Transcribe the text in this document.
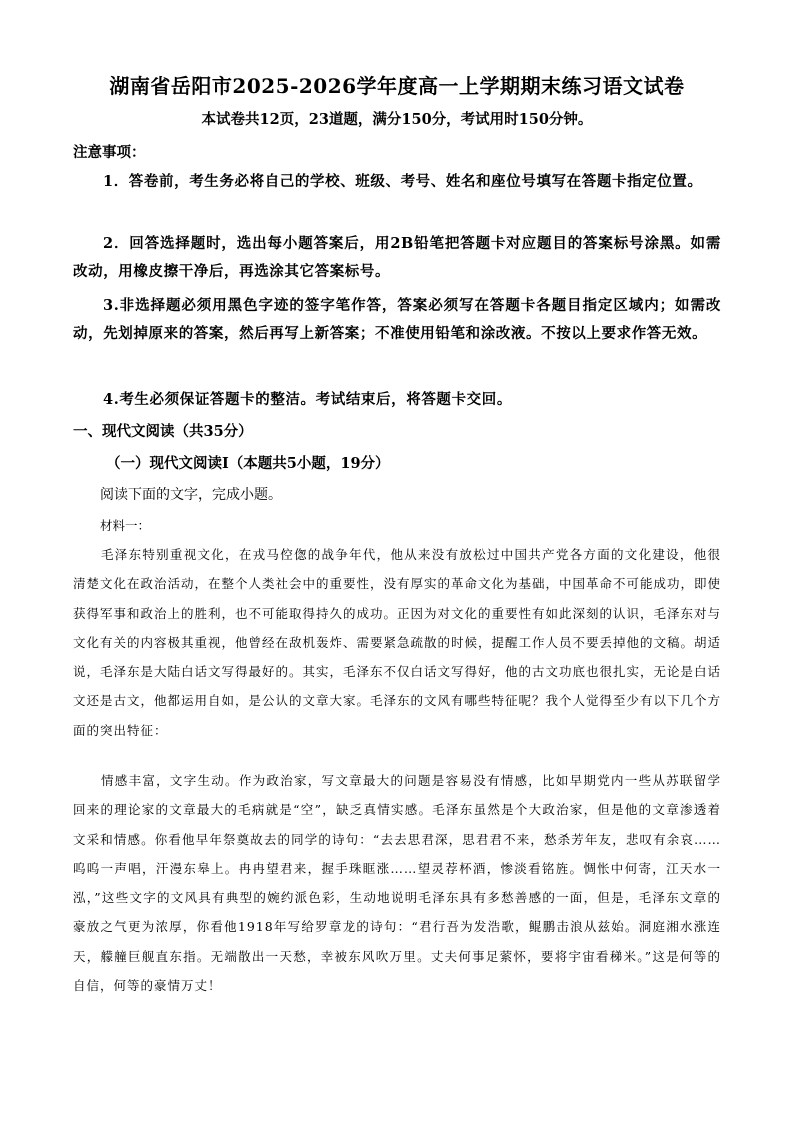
湖南省岳阳市2025-2026学年度高一上学期期末练习语文试卷
本试卷共12页，23道题，满分150分，考试用时150分钟。
注意事项：
1．答卷前，考生务必将自己的学校、班级、考号、姓名和座位号填写在答题卡指定位置。
2．回答选择题时，选出每小题答案后，用2B铅笔把答题卡对应题目的答案标号涂黑。如需改动，用橡皮擦干净后，再选涂其它答案标号。
3.非选择题必须用黑色字迹的签字笔作答，答案必须写在答题卡各题目指定区域内；如需改动，先划掉原来的答案，然后再写上新答案；不准使用铅笔和涂改液。不按以上要求作答无效。
4.考生必须保证答题卡的整洁。考试结束后，将答题卡交回。
一、现代文阅读（共35分）
（一）现代文阅读Ⅰ（本题共5小题，19分）
阅读下面的文字，完成小题。
材料一：
毛泽东特别重视文化，在戎马倥偬的战争年代，他从来没有放松过中国共产党各方面的文化建设，他很清楚文化在政治活动，在整个人类社会中的重要性，没有厚实的革命文化为基础，中国革命不可能成功，即使获得军事和政治上的胜利，也不可能取得持久的成功。正因为对文化的重要性有如此深刻的认识，毛泽东对与文化有关的内容极其重视，他曾经在敌机轰炸、需要紧急疏散的时候，提醒工作人员不要丢掉他的文稿。胡适说，毛泽东是大陆白话文写得最好的。其实，毛泽东不仅白话文写得好，他的古文功底也很扎实，无论是白话文还是古文，他都运用自如，是公认的文章大家。毛泽东的文风有哪些特征呢？我个人觉得至少有以下几个方面的突出特征：
情感丰富，文字生动。作为政治家，写文章最大的问题是容易没有情感，比如早期党内一些从苏联留学回来的理论家的文章最大的毛病就是“空”，缺乏真情实感。毛泽东虽然是个大政治家，但是他的文章渗透着文采和情感。你看他早年祭奠故去的同学的诗句：“去去思君深，思君君不来，愁杀芳年友，悲叹有余哀……呜呜一声唱，汗漫东皋上。冉冉望君来，握手珠眶涨……望灵荐杯酒，惨淡看铭旌。惆怅中何寄，江天水一泓，”这些文字的文风具有典型的婉约派色彩，生动地说明毛泽东具有多愁善感的一面，但是，毛泽东文章的豪放之气更为浓厚，你看他1918年写给罗章龙的诗句：“君行吾为发浩歌，鲲鹏击浪从兹始。洞庭湘水涨连天，艨艟巨舰直东指。无端散出一天愁，幸被东风吹万里。丈夫何事足萦怀，要将宇宙看稊米。”这是何等的自信，何等的豪情万丈！
